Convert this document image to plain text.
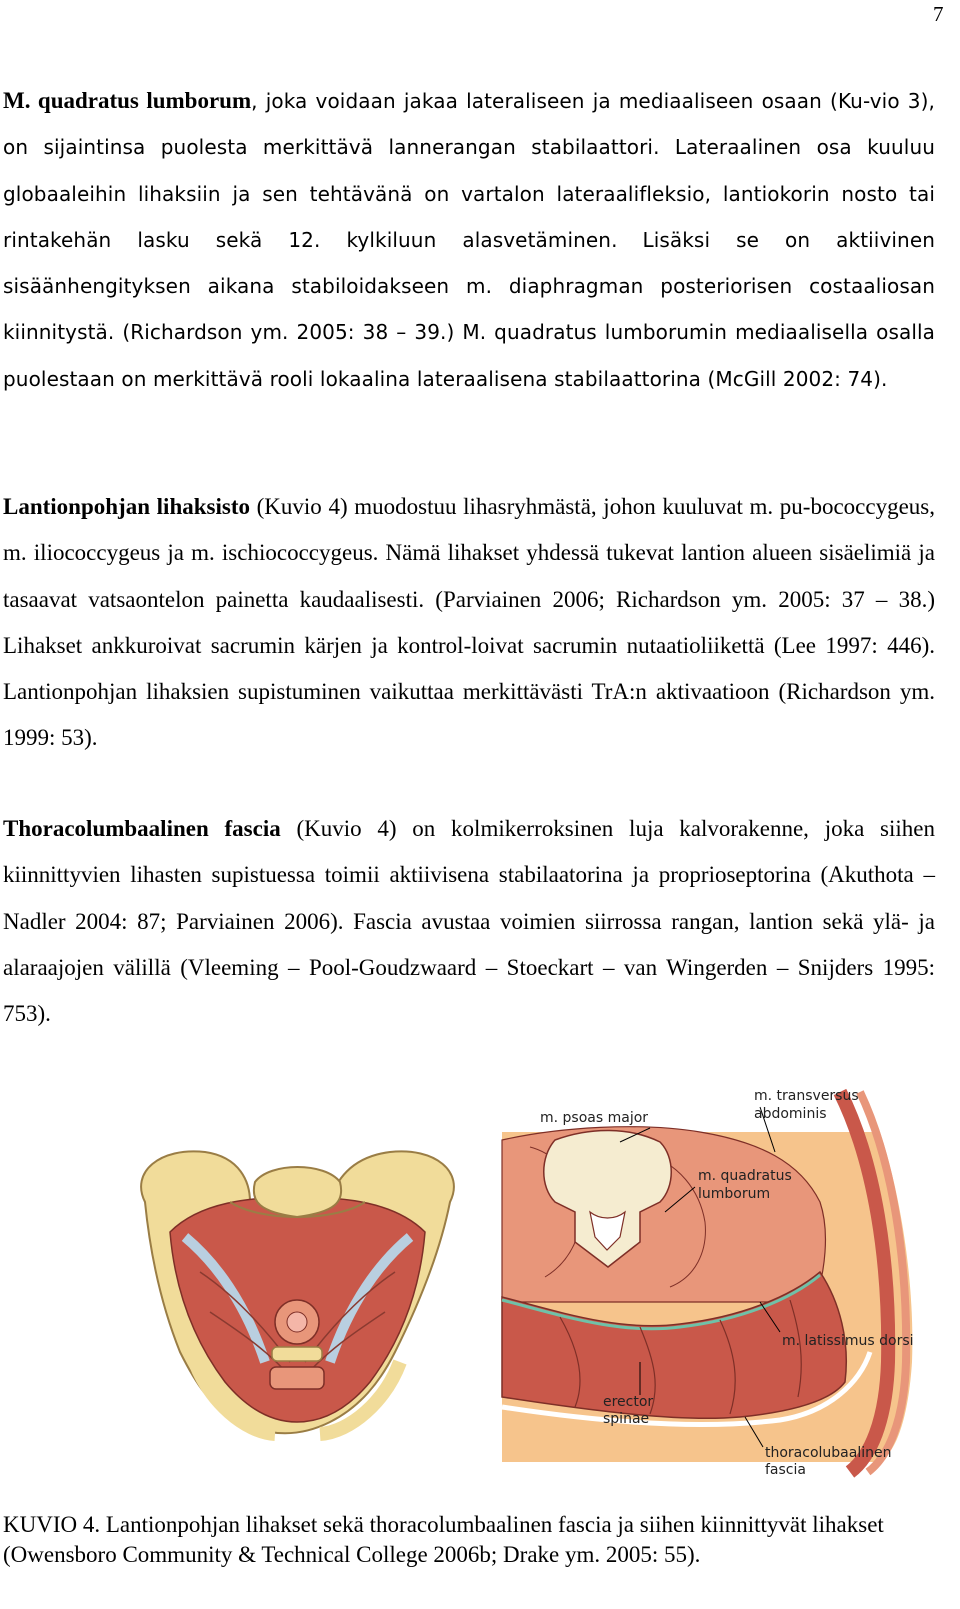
7

M. quadratus lumborum, joka voidaan jakaa lateraliseen ja mediaaliseen osaan (Ku-vio 3), on sijaintinsa puolesta merkittävä lannerangan stabilaattori. Lateraalinen osa kuuluu globaaleihin lihaksiin ja sen tehtävänä on vartalon lateraalifleksio, lantiokorin nosto tai rintakehän lasku sekä 12. kylkiluun alasvetäminen. Lisäksi se on aktiivinen sisäänhengityksen aikana stabiloidakseen m. diaphragman posteriorisen costaaliosan kiinnitystä. (Richardson ym. 2005: 38 – 39.) M. quadratus lumborumin mediaalisella osalla puolestaan on merkittävä rooli lokaalina lateraalisena stabilaattorina (McGill 2002: 74).

Lantionpohjan lihaksisto (Kuvio 4) muodostuu lihasryhmästä, johon kuuluvat m. pu-bococcygeus, m. iliococcygeus ja m. ischiococcygeus. Nämä lihakset yhdessä tukevat lantion alueen sisäelimiä ja tasaavat vatsaontelon painetta kaudaalisesti. (Parviainen 2006; Richardson ym. 2005: 37 – 38.) Lihakset ankkuroivat sacrumin kärjen ja kontrol-loivat sacrumin nutaatioliikettä (Lee 1997: 446). Lantionpohjan lihaksien supistuminen vaikuttaa merkittävästi TrA:n aktivaatioon (Richardson ym. 1999: 53).

Thoracolumbaalinen fascia (Kuvio 4) on kolmikerroksinen luja kalvorakenne, joka siihen kiinnittyvien lihasten supistuessa toimii aktiivisena stabilaatorina ja proprioseptorina (Akuthota – Nadler 2004: 87; Parviainen 2006). Fascia avustaa voimien siirrossa rangan, lantion sekä ylä- ja alaraajojen välillä (Vleeming – Pool-Goudzwaard – Stoeckart – van Wingerden – Snijders 1995: 753).

m. psoas major
m. transversus
abdominis
m. quadratus
lumborum
m. latissimus dorsi
erector
spinae
thoracolubaalinen
fascia

KUVIO 4. Lantionpohjan lihakset sekä thoracolumbaalinen fascia ja siihen kiinnittyvät lihakset (Owensboro Community & Technical College 2006b; Drake ym. 2005: 55).
